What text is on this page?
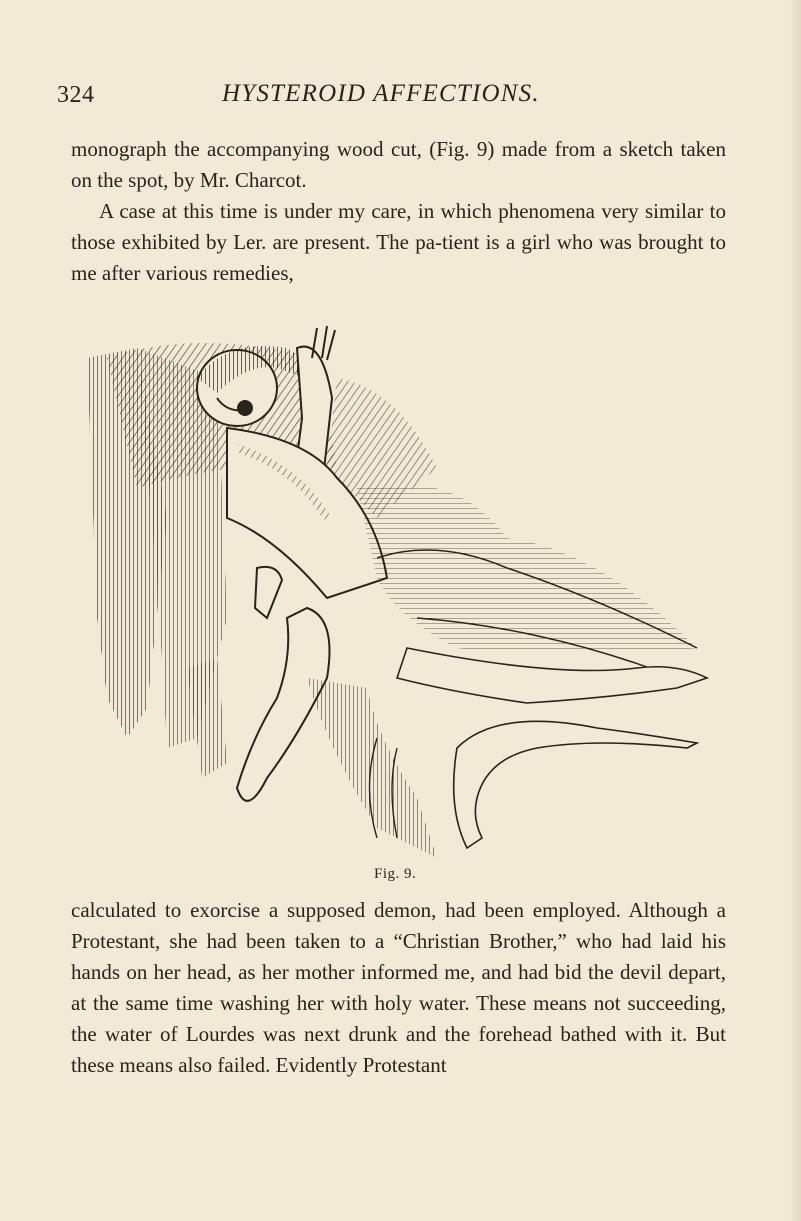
324	HYSTEROID AFFECTIONS.

monograph the accompanying wood cut, (Fig. 9) made from a sketch taken on the spot, by Mr. Charcot.

A case at this time is under my care, in which phenomena very similar to those exhibited by Ler. are present. The pa-tient is a girl who was brought to me after various remedies,

Fig. 9.

calculated to exorcise a supposed demon, had been employed. Although a Protestant, she had been taken to a “Christian Brother,” who had laid his hands on her head, as her mother informed me, and had bid the devil depart, at the same time washing her with holy water. These means not succeeding, the water of Lourdes was next drunk and the forehead bathed with it. But these means also failed. Evidently Protestant
